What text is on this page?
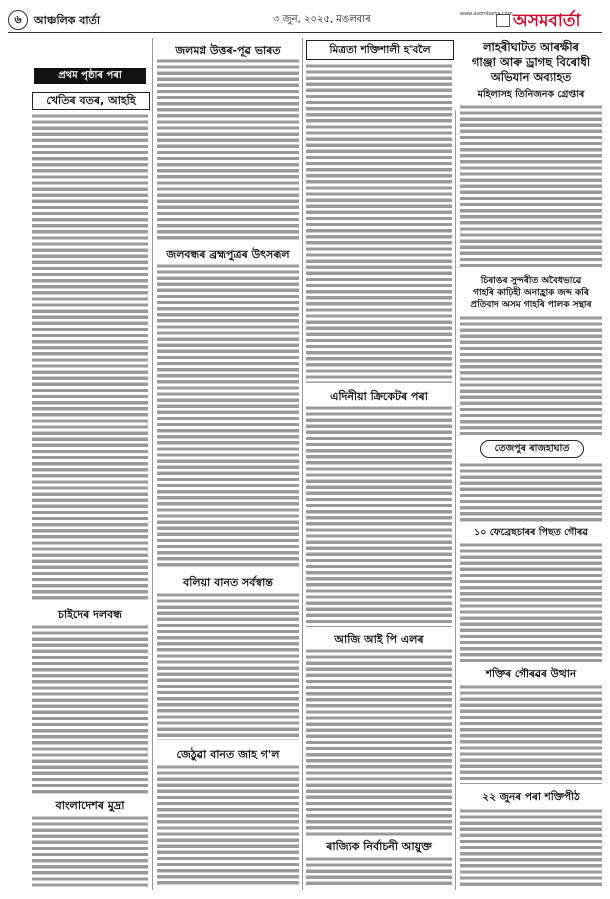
৬	আঞ্চলিক বাৰ্তা	৩ জুন, ২০২৫, মঙলবাৰ	www.asombarta.com অসমবাৰ্তা
প্ৰথম পৃষ্ঠাৰ পৰা
খেতিৰ বতৰ, আহহি
চাইদেৰ দলবন্ধ
বাংলাদেশৰ মুদ্ৰা
জলমগ্ন উত্তৰ-পূৱ ভাৰত
জলবন্ধৰ ব্ৰহ্মপুত্ৰৰ উৎসৰূল
বলিয়া বানত সৰ্বস্বান্ত
জেঠুৱা বানত জাহ গ'ল
মিত্ৰতা শক্তিশালী হ'বলৈ
এদিনীয়া ক্ৰিকেটৰ পৰা
আজি আই পি এলৰ
ৰাজ্যিক নিৰ্বাচনী আয়ুক্ত
লাহৰীঘাটত আৰক্ষীৰ
গাঞ্জা আৰু ড্ৰাগছ বিৰোধী
অভিযান অব্যাহত
মহিলাসহ তিনিজনক গ্ৰেপ্তাৰ
চিৰাঙৰ সুন্দৰীত অবৈধভাৱে
গাহৰি কাঢ়িহী অনাহ্ৰাক জব্দ কৰি
প্ৰতিবাদ অসম গাহৰি পালক সন্থাৰ
তেজপুৰ ৰাজহাঘাত
১০ ফেব্ৰেছচাৰৰ পিছত গৌৰৱ
শক্তিৰ গৌৰৱৰ উত্থান
২২ জুনৰ পৰা শক্তিপীঠ
